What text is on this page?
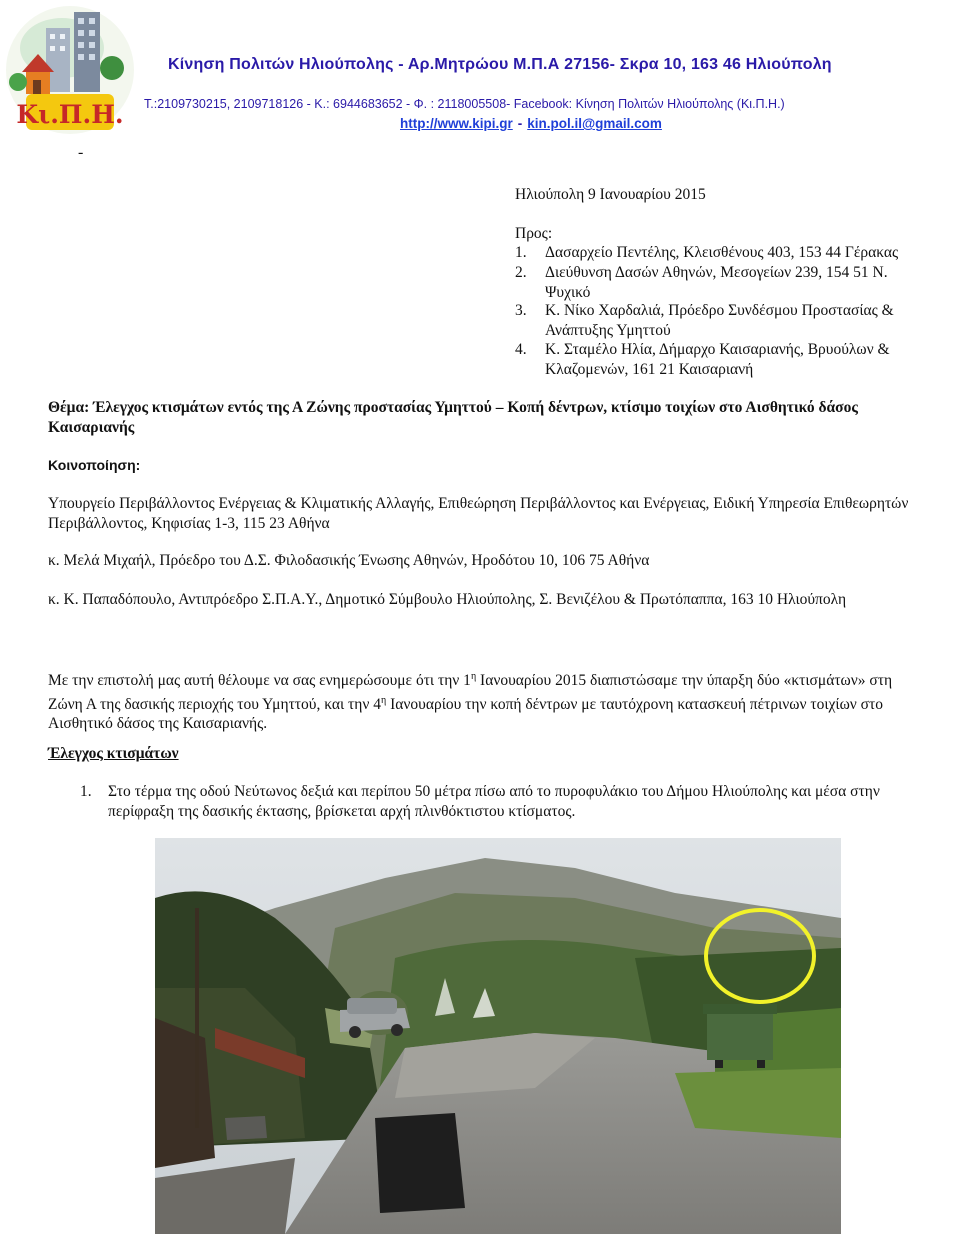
Κι.Π.Η.
Κίνηση Πολιτών Ηλιούπολης - Αρ.Μητρώου Μ.Π.Α 27156- Σκρα 10, 163 46 Ηλιούπολη
Τ.:2109730215, 2109718126 - Κ.: 6944683652 - Φ. : 2118005508- Facebook: Κίνηση Πολιτών Ηλιούπολης (Κι.Π.Η.)
http://www.kipi.gr - kin.pol.il@gmail.com
-
Ηλιούπολη 9 Ιανουαρίου 2015
Προς:
1. Δασαρχείο Πεντέλης, Κλεισθένους 403, 153 44 Γέρακας
2. Διεύθυνση Δασών Αθηνών, Μεσογείων 239, 154 51 Ν. Ψυχικό
3. Κ. Νίκο Χαρδαλιά, Πρόεδρο Συνδέσμου Προστασίας & Ανάπτυξης Υμηττού
4. Κ. Σταμέλο Ηλία, Δήμαρχο Καισαριανής, Βρυούλων & Κλαζομενών, 161 21 Καισαριανή
Θέμα: Έλεγχος κτισμάτων εντός της Α Ζώνης προστασίας Υμηττού – Κοπή δέντρων, κτίσιμο τοιχίων στο Αισθητικό δάσος Καισαριανής
Κοινοποίηση:
Υπουργείο Περιβάλλοντος Ενέργειας & Κλιματικής Αλλαγής, Επιθεώρηση Περιβάλλοντος και Ενέργειας, Ειδική Υπηρεσία Επιθεωρητών Περιβάλλοντος, Κηφισίας 1-3, 115 23 Αθήνα
κ. Μελά Μιχαήλ, Πρόεδρο του Δ.Σ. Φιλοδασικής Ένωσης Αθηνών, Ηροδότου 10, 106 75 Αθήνα
κ. Κ. Παπαδόπουλο, Αντιπρόεδρο Σ.Π.Α.Υ., Δημοτικό Σύμβουλο Ηλιούπολης, Σ. Βενιζέλου & Πρωτόπαππα, 163 10 Ηλιούπολη
Με την επιστολή μας αυτή θέλουμε να σας ενημερώσουμε ότι την $1^\eta$ Ιανουαρίου 2015 διαπιστώσαμε την ύπαρξη δύο «κτισμάτων» στη Ζώνη Α της δασικής περιοχής του Υμηττού, και την $4^\eta$ Ιανουαρίου την κοπή δέντρων με ταυτόχρονη κατασκευή πέτρινων τοιχίων στο Αισθητικό δάσος της Καισαριανής.
Έλεγχος κτισμάτων
1. Στο τέρμα της οδού Νεύτωνος δεξιά και περίπου 50 μέτρα πίσω από το πυροφυλάκιο του Δήμου Ηλιούπολης και μέσα στην περίφραξη της δασικής έκτασης, βρίσκεται αρχή πλινθόκτιστου κτίσματος.
